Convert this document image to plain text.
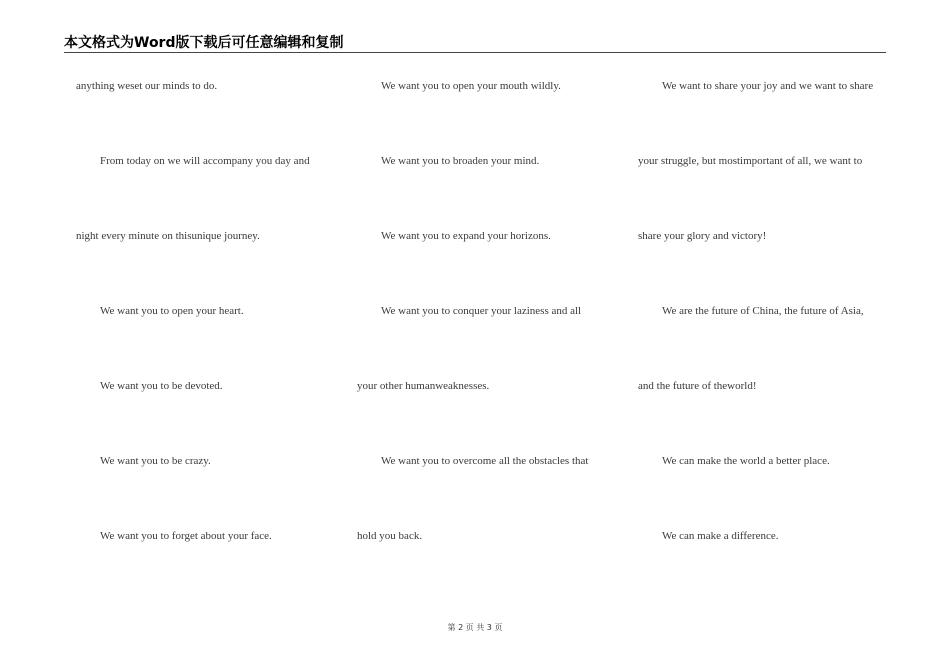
本文格式为Word版下载后可任意编辑和复制
anything weset our minds to do.
From today on we will accompany you day and
night every minute on thisunique journey.
We want you to open your heart.
We want you to be devoted.
We want you to be crazy.
We want you to forget about your face.
We want you to open your mouth wildly.
We want you to broaden your mind.
We want you to expand your horizons.
We want you to conquer your laziness and all
your other humanweaknesses.
We want you to overcome all the obstacles that
hold you back.
We want to share your joy and we want to share
your struggle, but mostimportant of all, we want to
share your glory and victory!
We are the future of China, the future of Asia,
and the future of theworld!
We can make the world a better place.
We can make a difference.
第 2 页 共 3 页
